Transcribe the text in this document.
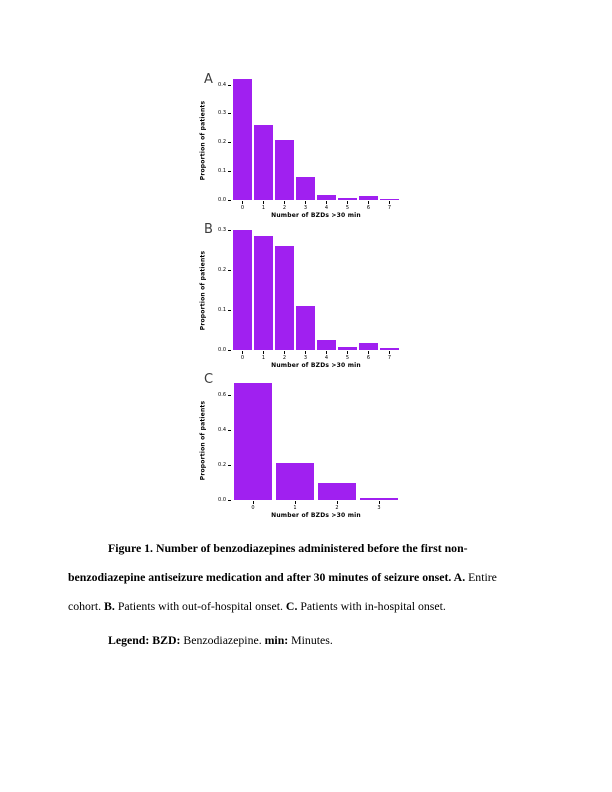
A
Proportion of patients
0.0
0.1
0.2
0.3
0.4
0	1	2	3	4	5	6	7
Number of BZDs >30 min
B
Proportion of patients
0.0
0.1
0.2
0.3
0	1	2	3	4	5	6	7
Number of BZDs >30 min
C
Proportion of patients
0.0
0.2
0.4
0.6
0	1	2	3
Number of BZDs >30 min
Figure 1. Number of benzodiazepines administered before the first non-
benzodiazepine antiseizure medication and after 30 minutes of seizure onset. A. Entire
cohort. B. Patients with out-of-hospital onset. C. Patients with in-hospital onset.
Legend: BZD: Benzodiazepine. min: Minutes.
